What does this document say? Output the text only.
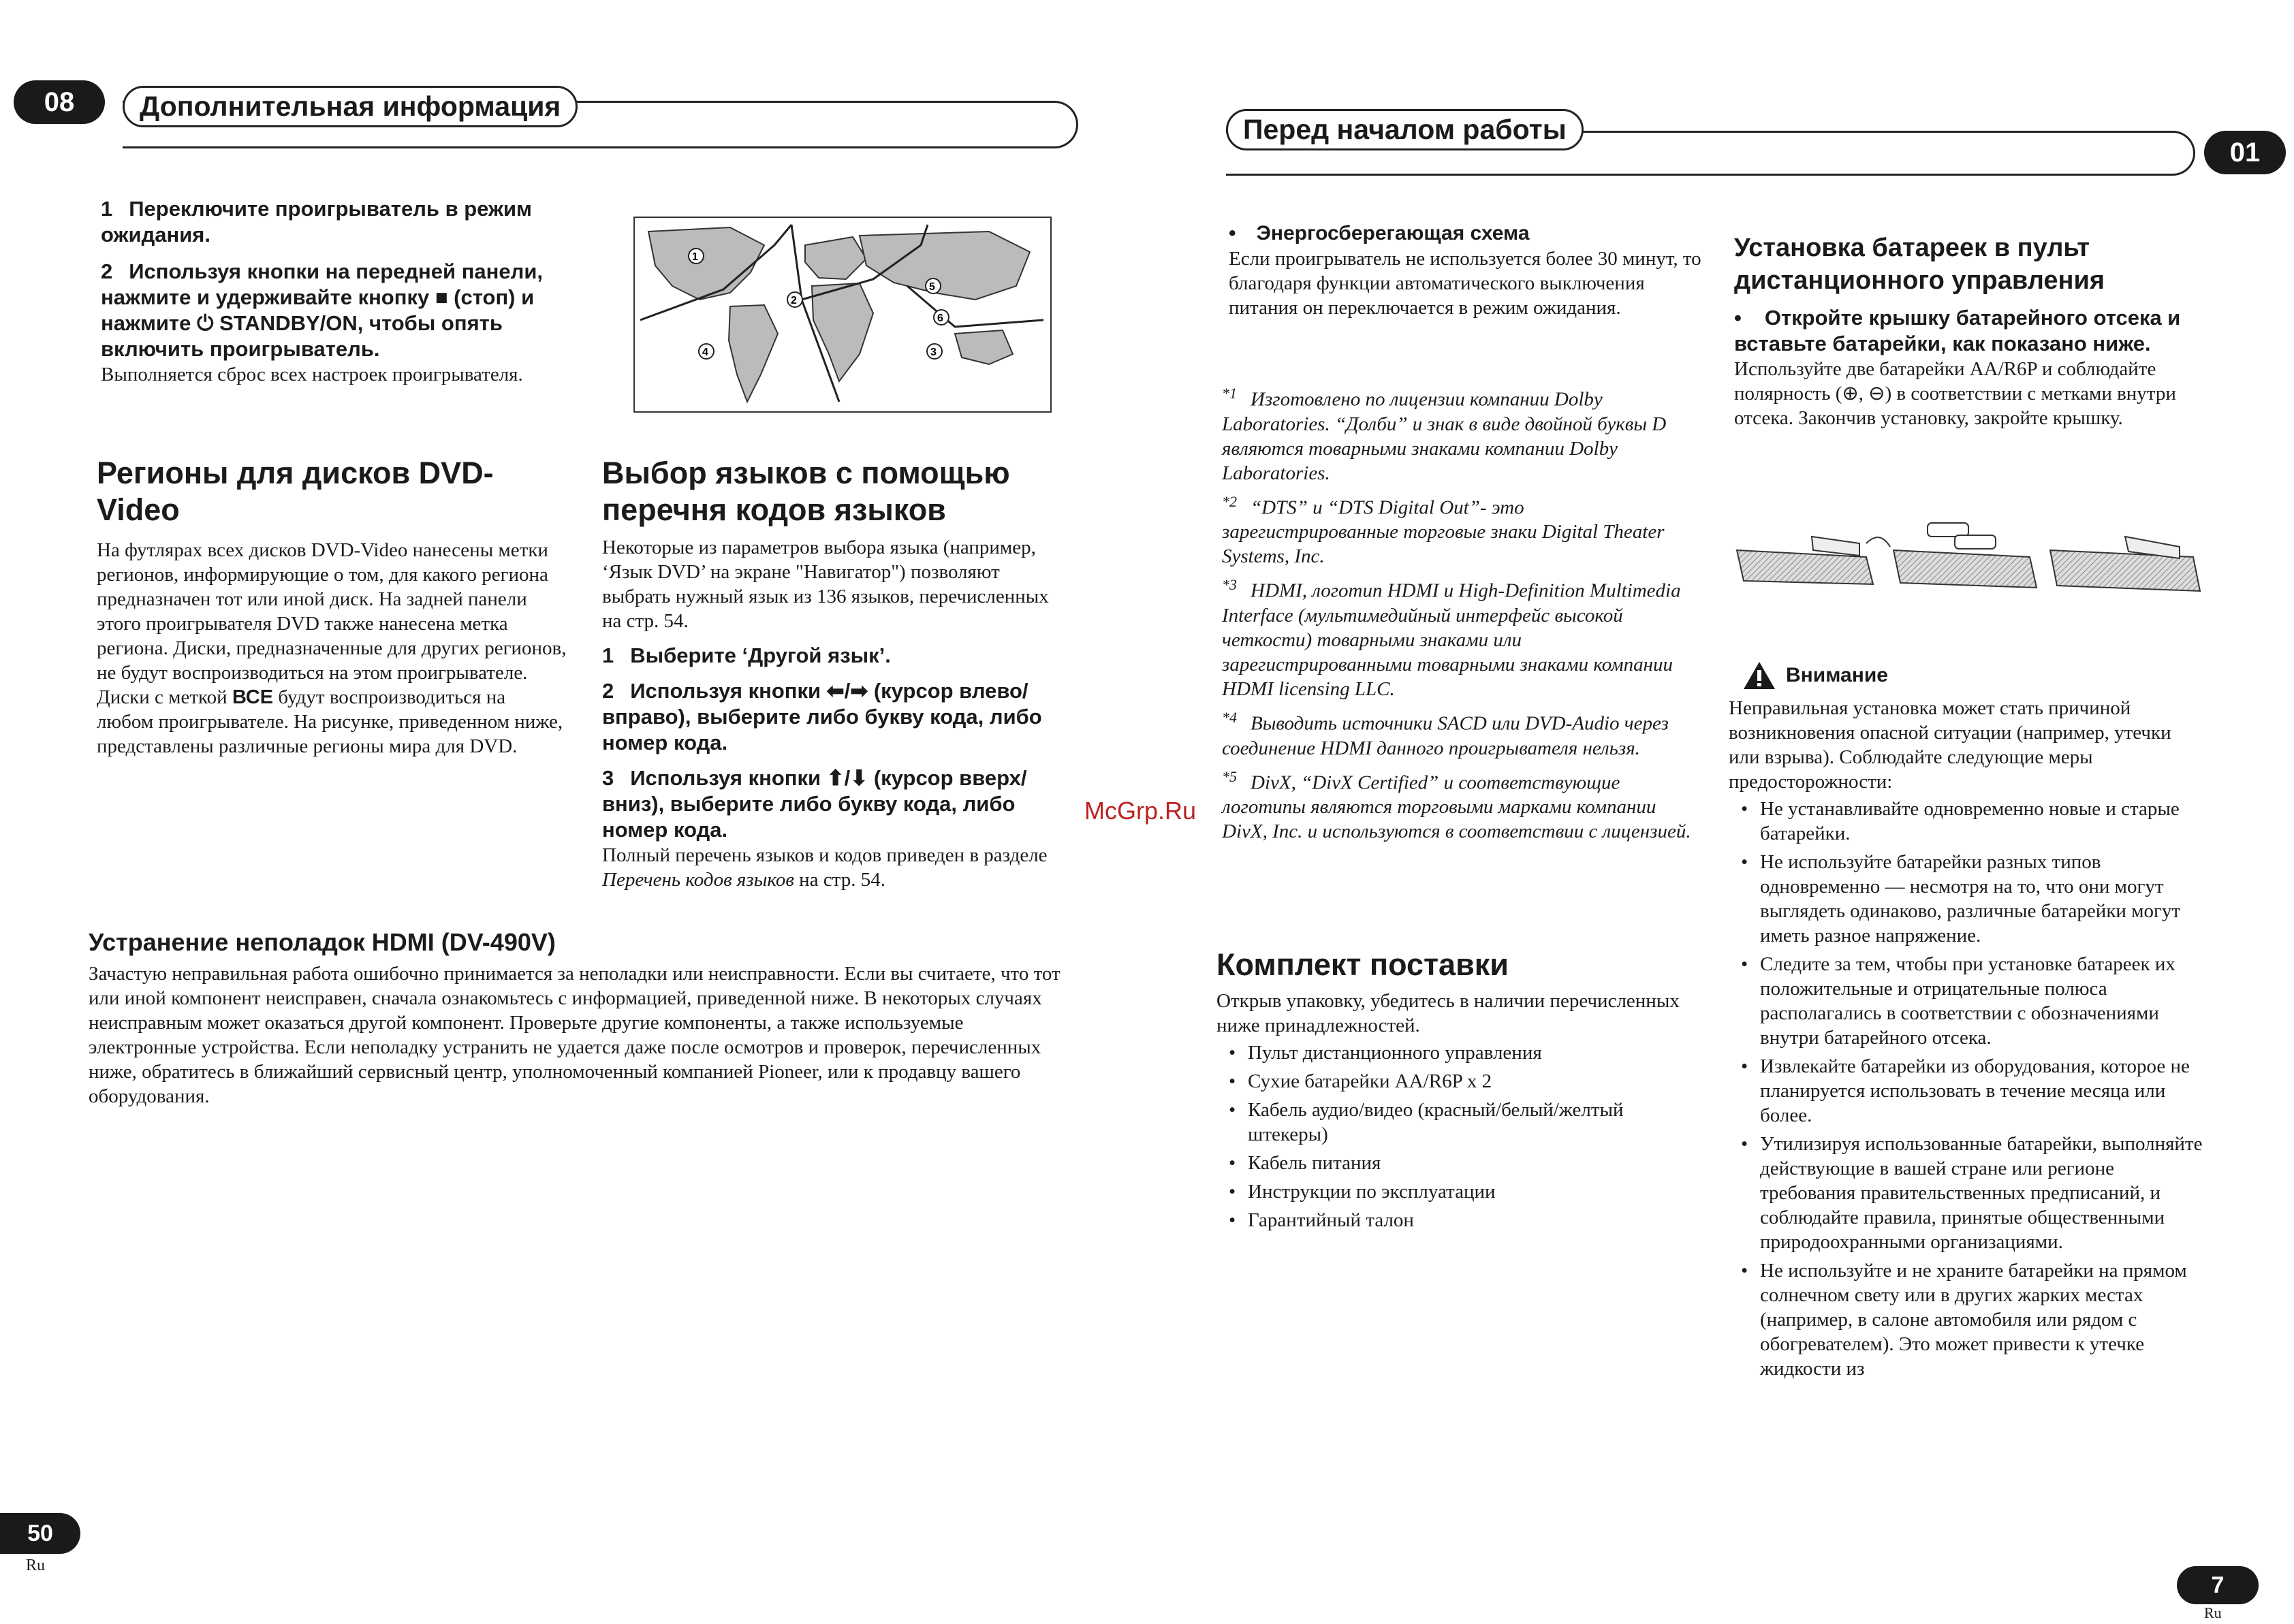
08	Дополнительная информация

1 Переключите проигрыватель в режим ожидания.

2 Используя кнопки на передней панели, нажмите и удерживайте кнопку ■ (стоп) и нажмите ⏻ STANDBY/ON, чтобы опять включить проигрыватель.

Выполняется сброс всех настроек проигрывателя.

1
2
3
4
5
6
Регионы для дисков DVD-Video

На футлярах всех дисков DVD-Video нанесены метки регионов, информирующие о том, для какого региона предназначен тот или иной диск. На задней панели этого проигрывателя DVD также нанесена метка региона. Диски, предназначенные для других регионов, не будут воспроизводиться на этом проигрывателе. Диски с меткой ВСЕ будут воспроизводиться на любом проигрывателе. На рисунке, приведенном ниже, представлены различные регионы мира для DVD.

Выбор языков с помощью перечня кодов языков

Некоторые из параметров выбора языка (например, ‘Язык DVD’ на экране "Навигатор") позволяют выбрать нужный язык из 136 языков, перечисленных на стр. 54.

1 Выберите ‘Другой язык’.

2 Используя кнопки ⬅/➡ (курсор влево/вправо), выберите либо букву кода, либо номер кода.

3 Используя кнопки ⬆/⬇ (курсор вверх/вниз), выберите либо букву кода, либо номер кода.

Полный перечень языков и кодов приведен в разделе Перечень кодов языков на стр. 54.

Устранение неполадок HDMI (DV-490V)

Зачастую неправильная работа ошибочно принимается за неполадки или неисправности. Если вы считаете, что тот или иной компонент неисправен, сначала ознакомьтесь с информацией, приведенной ниже. В некоторых случаях неисправным может оказаться другой компонент. Проверьте другие компоненты, а также используемые электронные устройства. Если неполадку устранить не удается даже после осмотров и проверок, перечисленных ниже, обратитесь в ближайший сервисный центр, уполномоченный компанией Pioneer, или к продавцу вашего оборудования.

50
Ru
McGrp.Ru
Перед началом работы
01

• Энергосберегающая схема

Если проигрыватель не используется более 30 минут, то благодаря функции автоматического выключения питания он переключается в режим ожидания.

$^{*1}$ Изготовлено по лицензии компании Dolby Laboratories. “Долби” и знак в виде двойной буквы D являются товарными знаками компании Dolby Laboratories.

$^{*2}$ “DTS” и “DTS Digital Out”- это зарегистрированные торговые знаки Digital Theater Systems, Inc.

$^{*3}$ HDMI, логотип HDMI и High-Definition Multimedia Interface (мультимедийный интерфейс высокой четкости) товарными знаками или зарегистрированными товарными знаками компании HDMI licensing LLC.

$^{*4}$ Выводить источники SACD или DVD-Audio через соединение HDMI данного проигрывателя нельзя.

$^{*5}$ DivX, “DivX Certified” и соответствующие логотипы являются торговыми марками компании DivX, Inc. и используются в соответствии с лицензией.

Комплект поставки

Открыв упаковку, убедитесь в наличии перечисленных ниже принадлежностей.

• Пульт дистанционного управления
• Сухие батарейки AA/R6P x 2
• Кабель аудио/видео (красный/белый/желтый штекеры)
• Кабель питания
• Инструкции по эксплуатации
• Гарантийный талон
Установка батареек в пульт дистанционного управления

• Откройте крышку батарейного отсека и вставьте батарейки, как показано ниже.

Используйте две батарейки AA/R6P и соблюдайте полярность (⊕, ⊖) в соответствии с метками внутри отсека. Закончив установку, закройте крышку.

Внимание

Неправильная установка может стать причиной возникновения опасной ситуации (например, утечки или взрыва). Соблюдайте следующие меры предосторожности:

• Не устанавливайте одновременно новые и старые батарейки.
• Не используйте батарейки разных типов одновременно — несмотря на то, что они могут выглядеть одинаково, различные батарейки могут иметь разное напряжение.
• Следите за тем, чтобы при установке батареек их положительные и отрицательные полюса располагались в соответствии с обозначениями внутри батарейного отсека.
• Извлекайте батарейки из оборудования, которое не планируется использовать в течение месяца или более.
• Утилизируя использованные батарейки, выполняйте действующие в вашей стране или регионе требования правительственных предписаний, и соблюдайте правила, принятые общественными природоохранными организациями.
• Не используйте и не храните батарейки на прямом солнечном свету или в других жарких местах (например, в салоне автомобиля или рядом с обогревателем). Это может привести к утечке жидкости из
7
Ru
